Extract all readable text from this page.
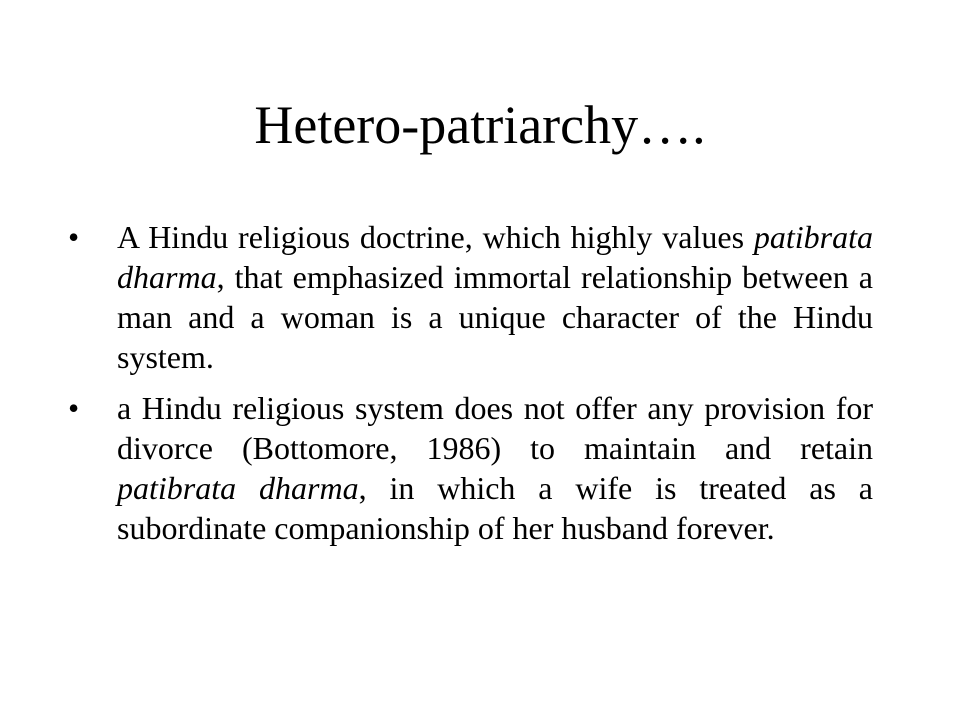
Hetero-patriarchy….
• A Hindu religious doctrine, which highly values patibrata dharma, that emphasized immortal relationship between a man and a woman is a unique character of the Hindu system.
• a Hindu religious system does not offer any provision for divorce (Bottomore, 1986) to maintain and retain patibrata dharma, in which a wife is treated as a subordinate companionship of her husband forever.
